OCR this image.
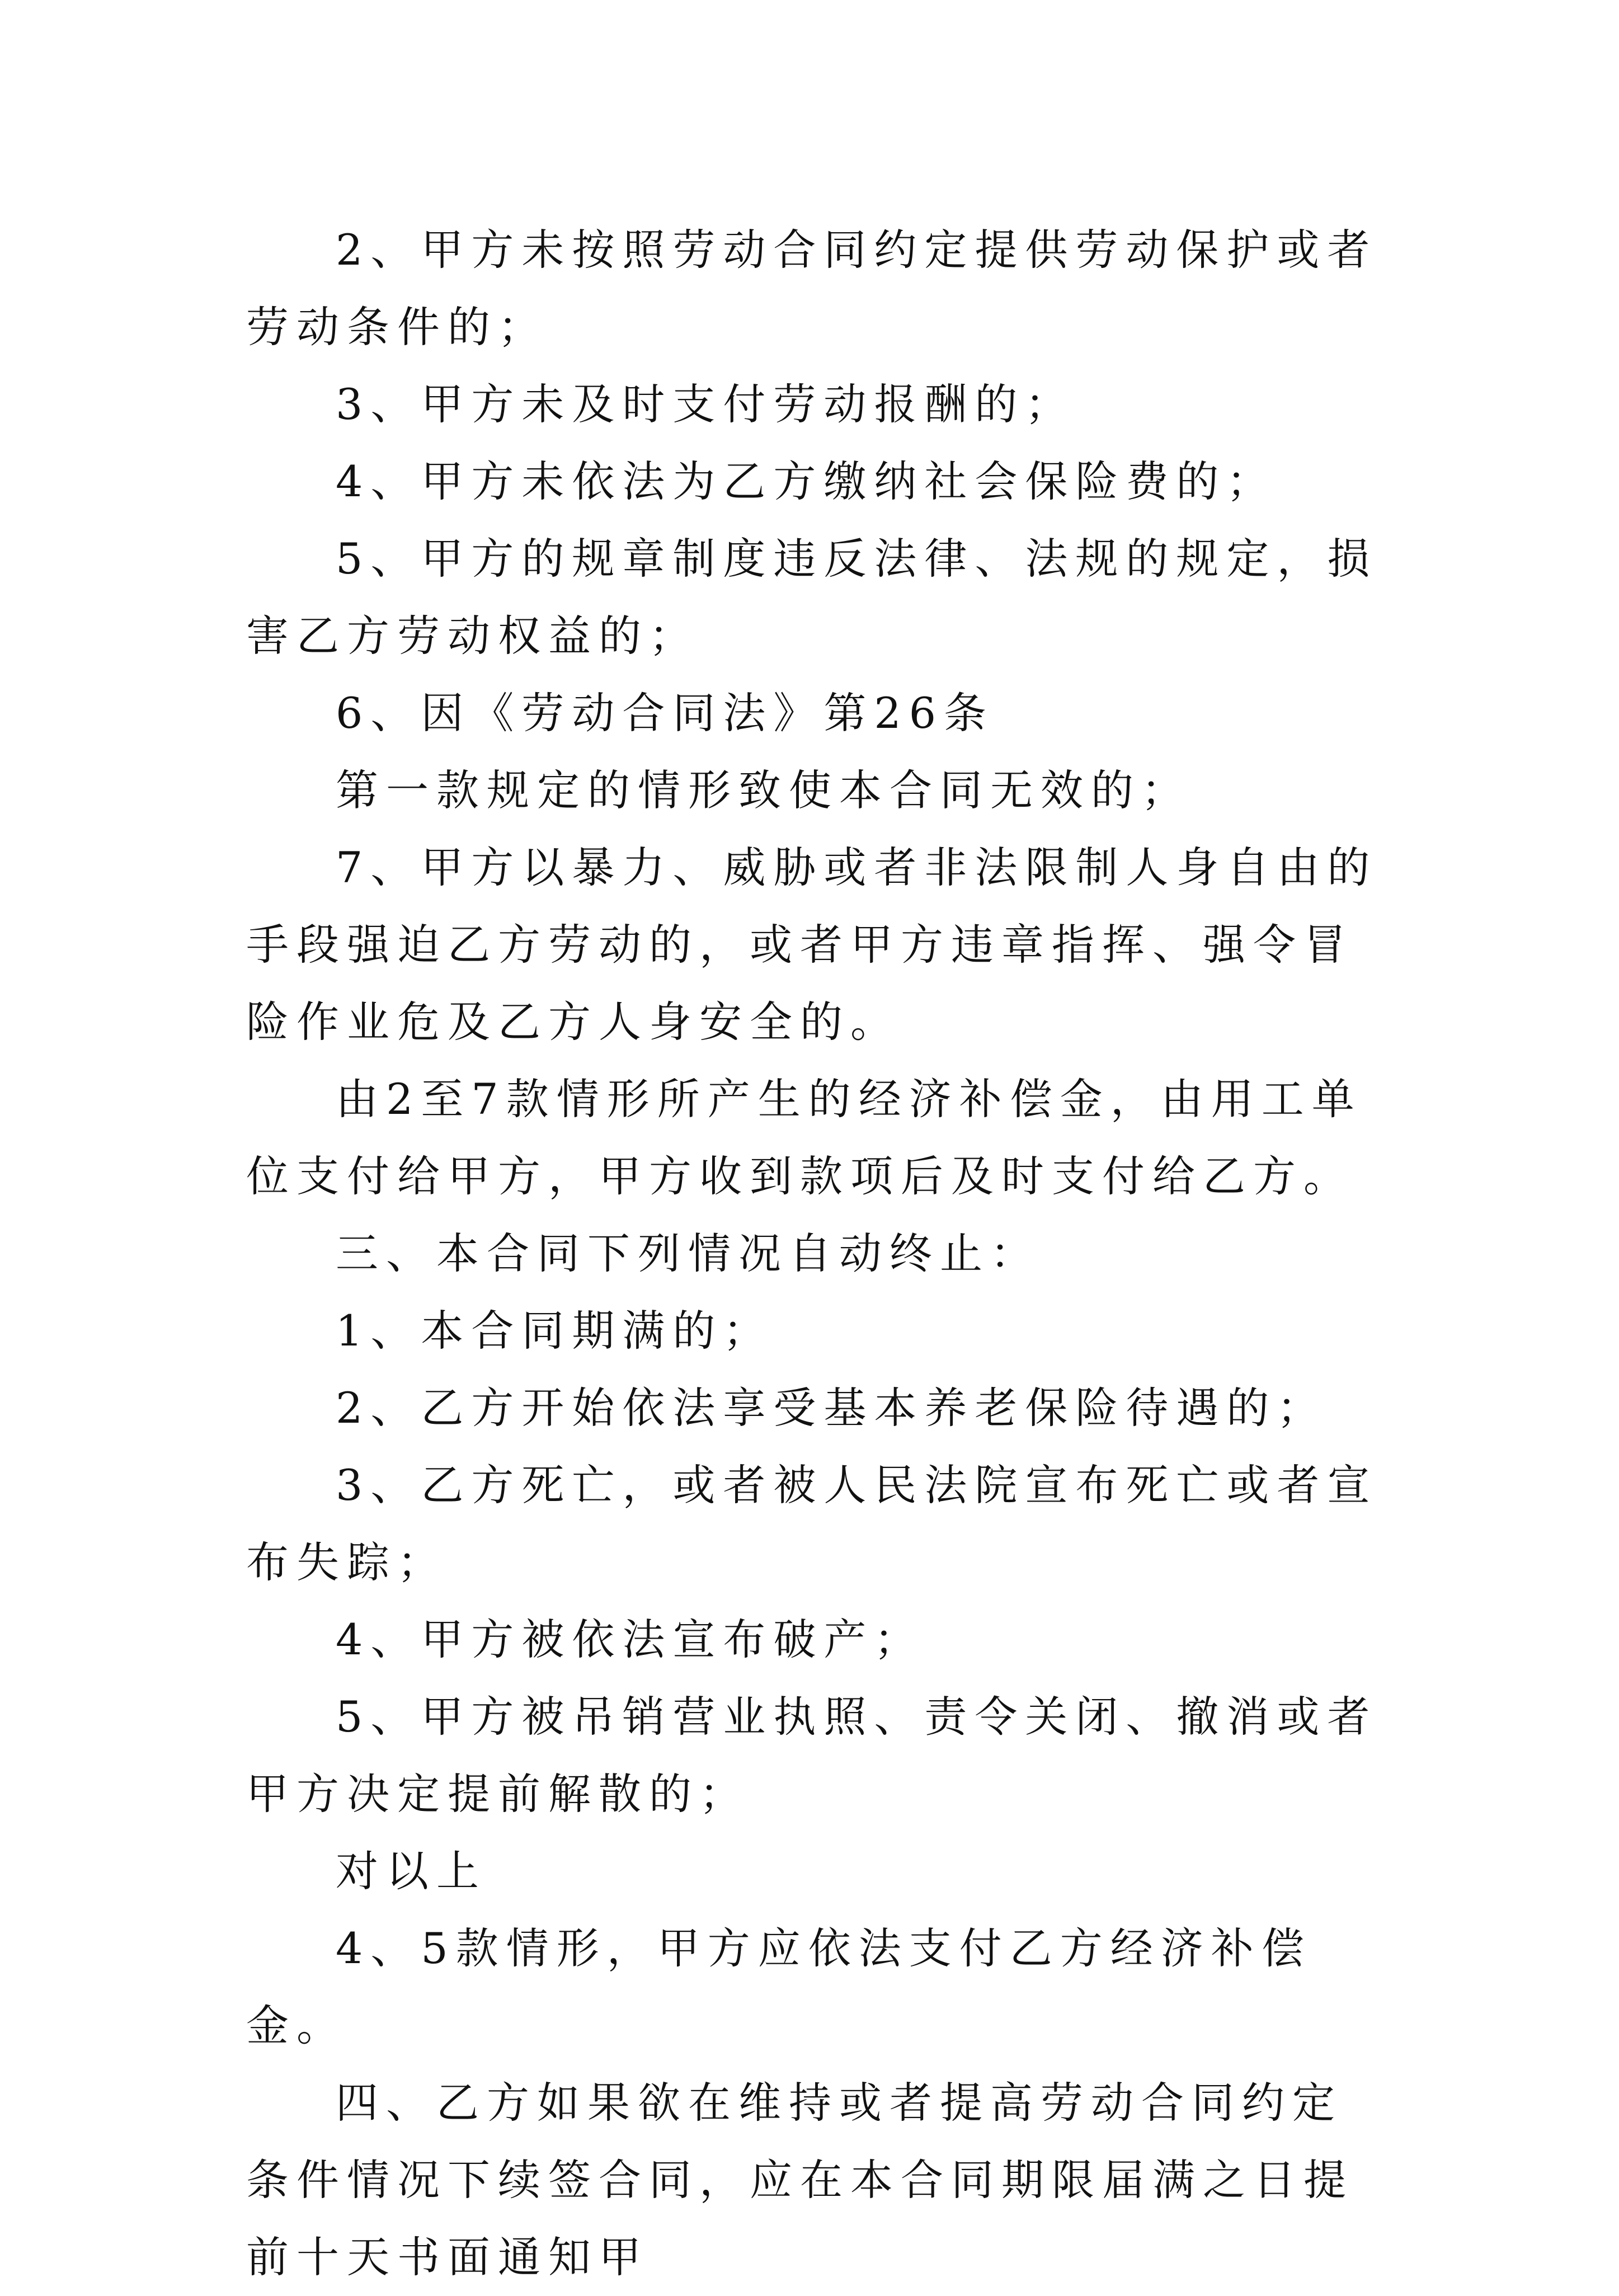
2、甲方未按照劳动合同约定提供劳动保护或者劳动条件的；

3、甲方未及时支付劳动报酬的；

4、甲方未依法为乙方缴纳社会保险费的；

5、甲方的规章制度违反法律、法规的规定，损害乙方劳动权益的；

6、因《劳动合同法》第26条

第一款规定的情形致使本合同无效的；

7、甲方以暴力、威胁或者非法限制人身自由的手段强迫乙方劳动的，或者甲方违章指挥、强令冒险作业危及乙方人身安全的。

由2至7款情形所产生的经济补偿金，由用工单位支付给甲方，甲方收到款项后及时支付给乙方。

三、本合同下列情况自动终止：

1、本合同期满的；

2、乙方开始依法享受基本养老保险待遇的；

3、乙方死亡，或者被人民法院宣布死亡或者宣布失踪；

4、甲方被依法宣布破产；

5、甲方被吊销营业执照、责令关闭、撤消或者甲方决定提前解散的；

对以上

4、5款情形，甲方应依法支付乙方经济补偿金。

四、乙方如果欲在维持或者提高劳动合同约定条件情况下续签合同，应在本合同期限届满之日提前十天书面通知甲
